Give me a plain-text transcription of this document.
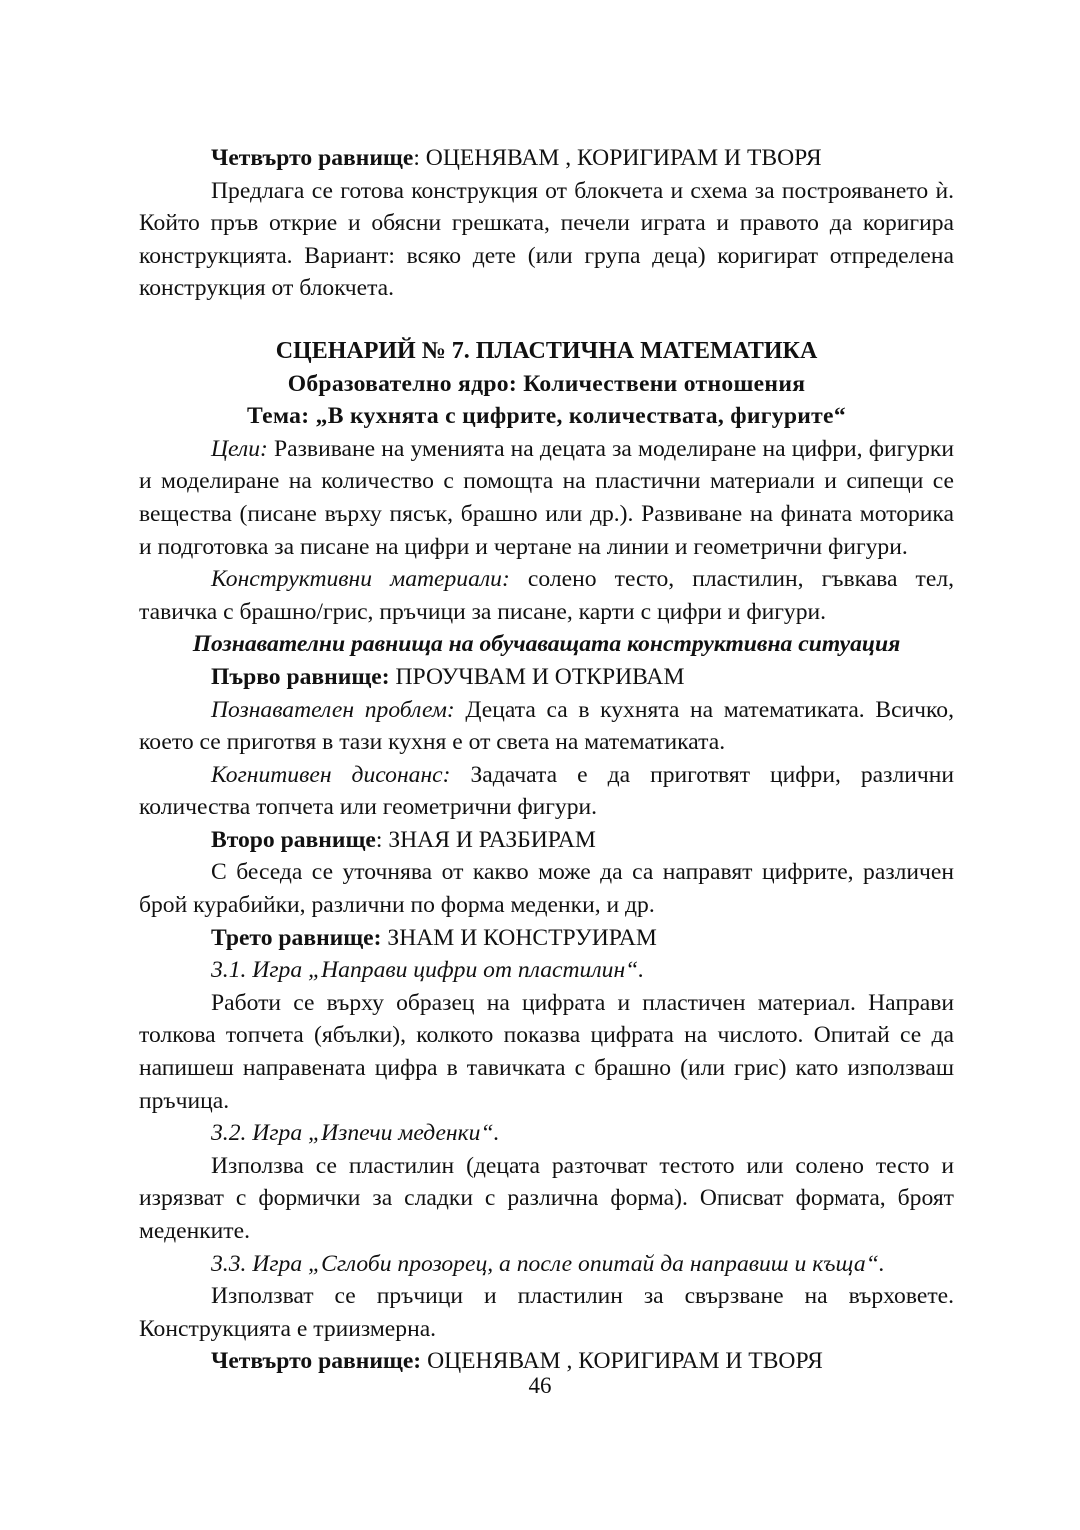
Четвърто равнище: ОЦЕНЯВАМ , КОРИГИРАМ И ТВОРЯ

Предлага се готова конструкция от блокчета и схема за построяването ѝ. Който пръв открие и обясни грешката, печели играта и правото да коригира конструкцията. Вариант: всяко дете (или група деца) коригират отпределена конструкция от блокчета.

СЦЕНАРИЙ № 7. ПЛАСТИЧНА МАТЕМАТИКА

Образователно ядро: Количествени отношения

Тема: „В кухнята с цифрите, количествата, фигурите“

Цели: Развиване на уменията на децата за моделиране на цифри, фигурки и моделиране на количество с помощта на пластични материали и сипещи се вещества (писане върху пясък, брашно или др.). Развиване на фината моторика и подготовка за писане на цифри и чертане на линии и геометрични фигури.

Конструктивни материали: солено тесто, пластилин, гъвкава тел, тавичка с брашно/грис, пръчици за писане, карти с цифри и фигури.

Познавателни равнища на обучаващата конструктивна ситуация

Първо равнище: ПРОУЧВАМ И ОТКРИВАМ

Познавателен проблем: Децата са в кухнята на математиката. Всичко, което се приготвя в тази кухня е от света на математиката.

Когнитивен дисонанс: Задачата е да приготвят цифри, различни количества топчета или геометрични фигури.

Второ равнище: ЗНАЯ И РАЗБИРАМ

С беседа се уточнява от какво може да са направят цифрите, различен брой курабийки, различни по форма меденки, и др.

Трето равнище: ЗНАМ И КОНСТРУИРАМ

3.1. Игра „Направи цифри от пластилин“.

Работи се върху образец на цифрата и пластичен материал. Направи толкова топчета (ябълки), колкото показва цифрата на числото. Опитай се да напишеш направената цифра в тавичката с брашно (или грис) като използваш пръчица.

3.2. Игра „Изпечи меденки“.

Използва се пластилин (децата разточват тестото или солено тесто и изрязват с формички за сладки с различна форма). Описват формата, броят меденките.

3.3. Игра „Сглоби прозорец, а после опитай да направиш и къща“.

Използват се пръчици и пластилин за свързване на върховете. Конструкцията е триизмерна.

Четвърто равнище: ОЦЕНЯВАМ , КОРИГИРАМ И ТВОРЯ

46
